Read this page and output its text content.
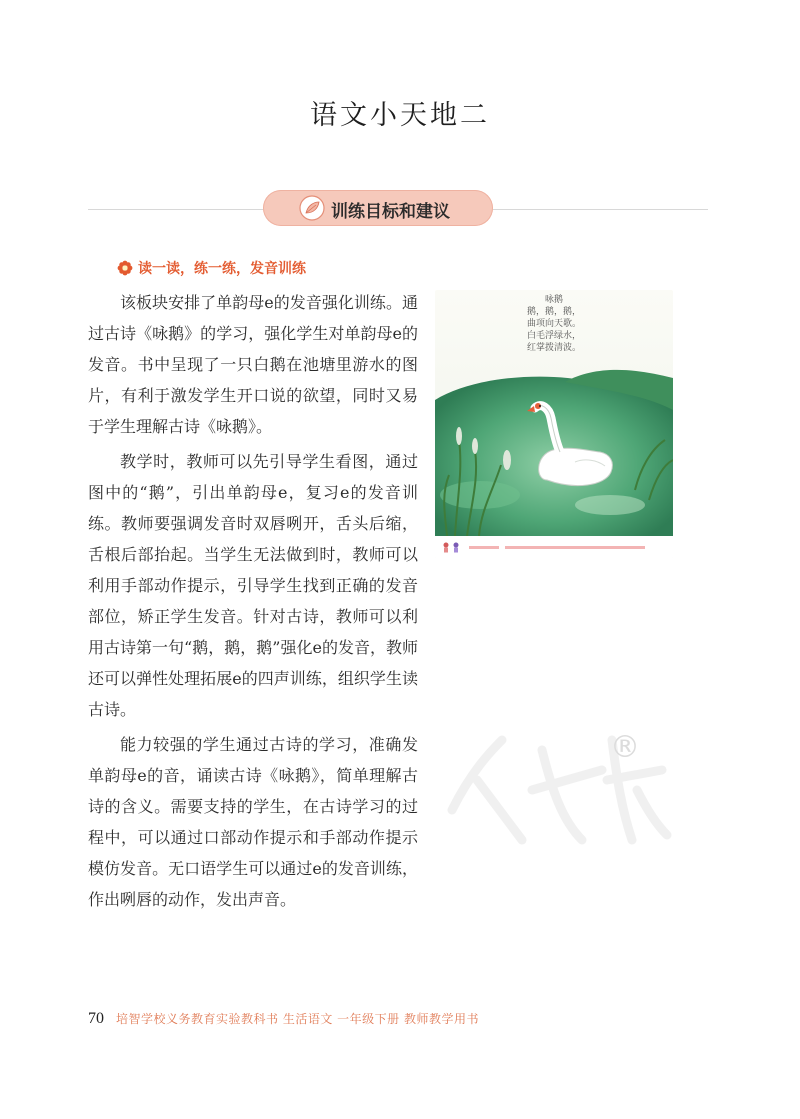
语文小天地二
训练目标和建议
读一读，练一练，发音训练

该板块安排了单韵母e的发音强化训练。通过古诗《咏鹅》的学习，强化学生对单韵母e的发音。书中呈现了一只白鹅在池塘里游水的图片，有利于激发学生开口说的欲望，同时又易于学生理解古诗《咏鹅》。

教学时，教师可以先引导学生看图，通过图中的“鹅”，引出单韵母e，复习e的发音训练。教师要强调发音时双唇咧开，舌头后缩，舌根后部抬起。当学生无法做到时，教师可以利用手部动作提示，引导学生找到正确的发音部位，矫正学生发音。针对古诗，教师可以利用古诗第一句“鹅，鹅，鹅”强化e的发音，教师还可以弹性处理拓展e的四声训练，组织学生读古诗。

能力较强的学生通过古诗的学习，准确发单韵母e的音，诵读古诗《咏鹅》，简单理解古诗的含义。需要支持的学生，在古诗学习的过程中，可以通过口部动作提示和手部动作提示模仿发音。无口语学生可以通过e的发音训练，作出咧唇的动作，发出声音。

咏鹅
鹅，鹅，鹅，
曲项向天歌。
白毛浮绿水，
红掌拨清波。
®
70 培智学校义务教育实验教科书 生活语文 一年级下册 教师教学用书
